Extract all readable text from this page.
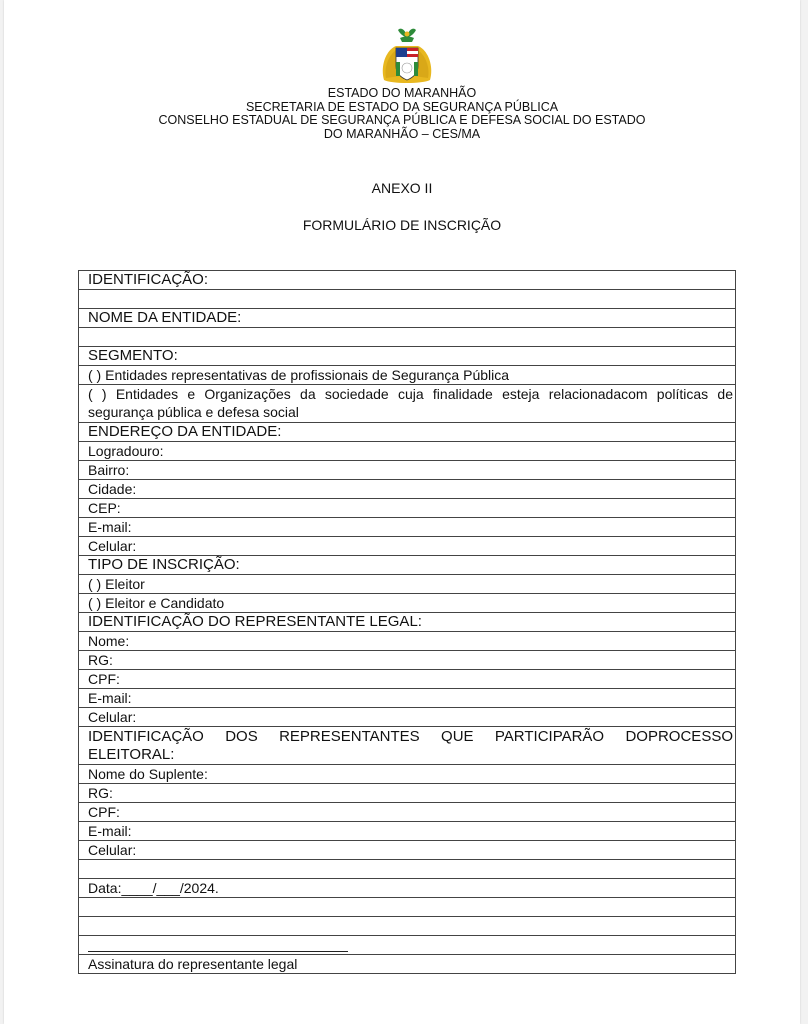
ESTADO DO MARANHÃO
SECRETARIA DE ESTADO DA SEGURANÇA PÚBLICA
CONSELHO ESTADUAL DE SEGURANÇA PÚBLICA E DEFESA SOCIAL DO ESTADO
DO MARANHÃO – CES/MA
ANEXO II
FORMULÁRIO DE INSCRIÇÃO
IDENTIFICAÇÃO:
NOME DA ENTIDADE:
SEGMENTO:
( ) Entidades representativas de profissionais de Segurança Pública
( ) Entidades e Organizações da sociedade cuja finalidade esteja relacionadacom políticas de segurança pública e defesa social
ENDEREÇO DA ENTIDADE:
Logradouro:
Bairro:
Cidade:
CEP:
E-mail:
Celular:
TIPO DE INSCRIÇÃO:
( ) Eleitor
( ) Eleitor e Candidato
IDENTIFICAÇÃO DO REPRESENTANTE LEGAL:
Nome:
RG:
CPF:
E-mail:
Celular:
IDENTIFICAÇÃO DOS REPRESENTANTES QUE PARTICIPARÃO DOPROCESSO ELEITORAL:
Nome do Suplente:
RG:
CPF:
E-mail:
Celular:
Data:____/___/2024.
Assinatura do representante legal
